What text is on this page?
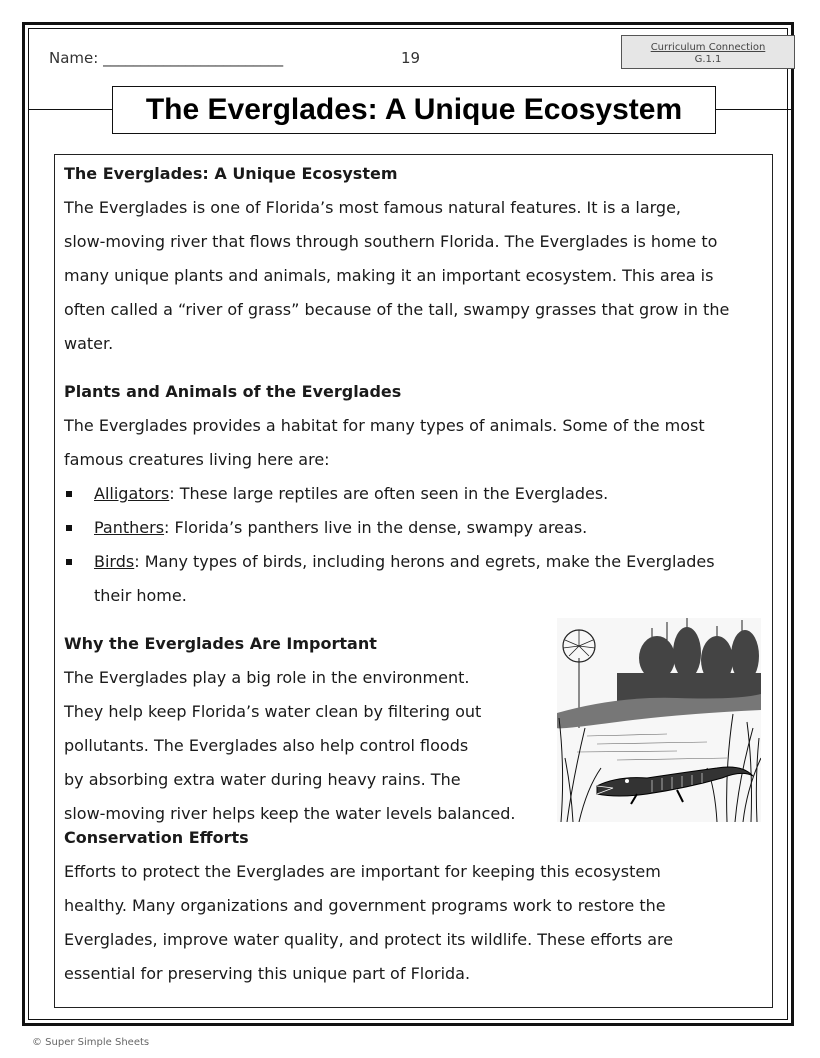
Name: ________________________	19
Curriculum Connection
G.1.1
The Everglades: A Unique Ecosystem
The Everglades: A Unique Ecosystem

The Everglades is one of Florida’s most famous natural features. It is a large,

slow-moving river that flows through southern Florida. The Everglades is home to

many unique plants and animals, making it an important ecosystem. This area is

often called a “river of grass” because of the tall, swampy grasses that grow in the

water.

Plants and Animals of the Everglades

The Everglades provides a habitat for many types of animals. Some of the most

famous creatures living here are:

Alligators: These large reptiles are often seen in the Everglades.
Panthers: Florida’s panthers live in the dense, swampy areas.
Birds: Many types of birds, including herons and egrets, make the Everglades
their home.
Why the Everglades Are Important

The Everglades play a big role in the environment.

They help keep Florida’s water clean by filtering out

pollutants. The Everglades also help control floods

by absorbing extra water during heavy rains. The

slow-moving river helps keep the water levels balanced.

Conservation Efforts

Efforts to protect the Everglades are important for keeping this ecosystem

healthy. Many organizations and government programs work to restore the

Everglades, improve water quality, and protect its wildlife. These efforts are

essential for preserving this unique part of Florida.

© Super Simple Sheets
